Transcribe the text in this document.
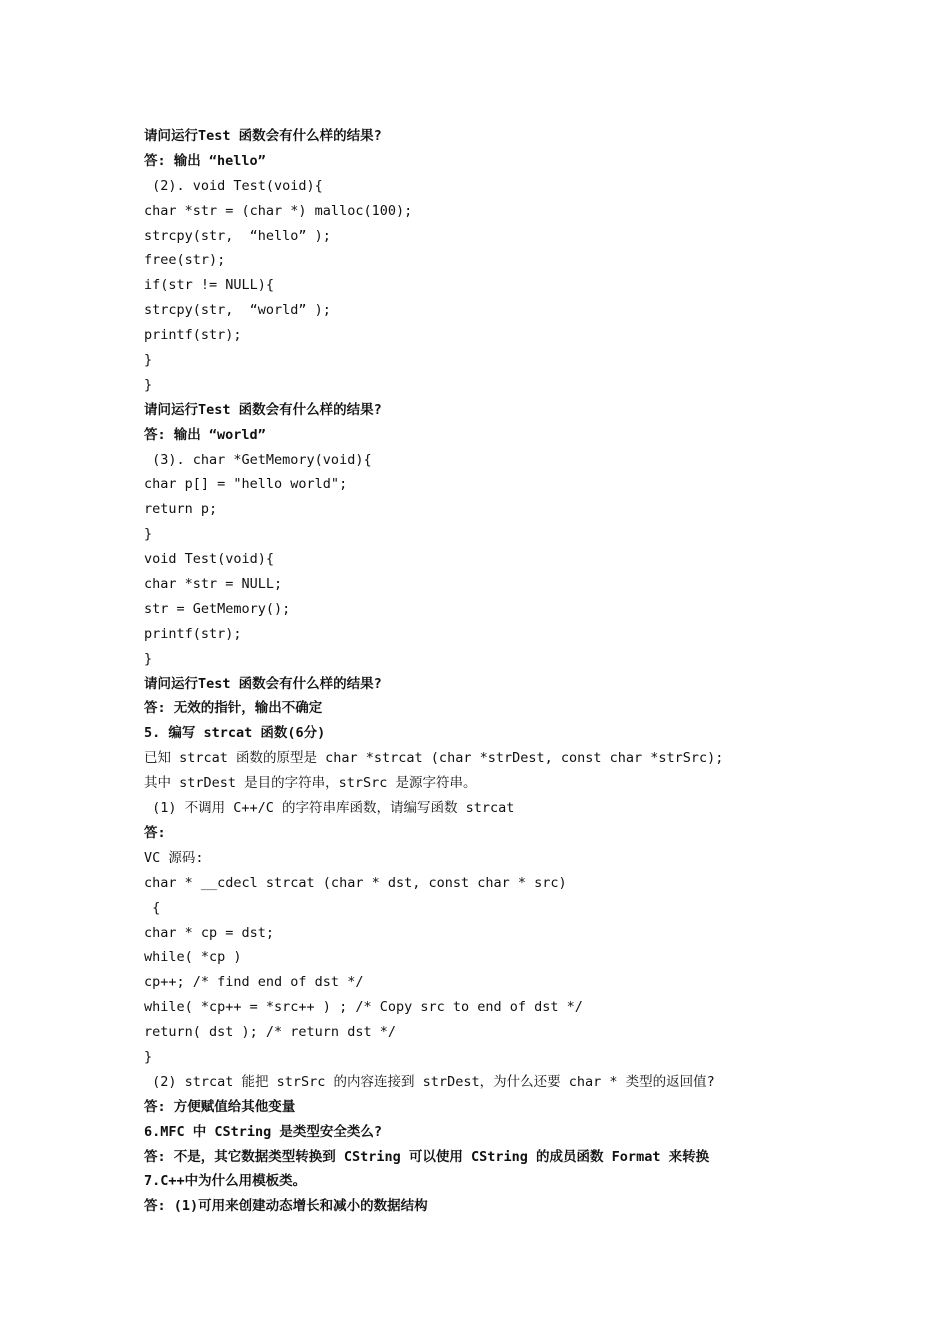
请问运行Test 函数会有什么样的结果?
答: 输出 “hello”
(2). void Test(void){
char *str = (char *) malloc(100);
strcpy(str,  “hello” );
free(str);
if(str != NULL){
strcpy(str,  “world” );
printf(str);
}
}
请问运行Test 函数会有什么样的结果?
答: 输出 “world”
(3). char *GetMemory(void){
char p[] = "hello world";
return p;
}
void Test(void){
char *str = NULL;
str = GetMemory();
printf(str);
}
请问运行Test 函数会有什么样的结果?
答: 无效的指针，输出不确定
5. 编写 strcat 函数(6分)
已知 strcat 函数的原型是 char *strcat (char *strDest, const char *strSrc);
其中 strDest 是目的字符串，strSrc 是源字符串。
(1) 不调用 C++/C 的字符串库函数，请编写函数 strcat
答:
VC 源码:
char * __cdecl strcat (char * dst, const char * src)
{
char * cp = dst;
while( *cp )
cp++; /* find end of dst */
while( *cp++ = *src++ ) ; /* Copy src to end of dst */
return( dst ); /* return dst */
}
(2) strcat 能把 strSrc 的内容连接到 strDest，为什么还要 char * 类型的返回值?
答: 方便赋值给其他变量
6.MFC 中 CString 是类型安全类么?
答: 不是，其它数据类型转换到 CString 可以使用 CString 的成员函数 Format 来转换
7.C++中为什么用模板类。
答: (1)可用来创建动态增长和减小的数据结构
